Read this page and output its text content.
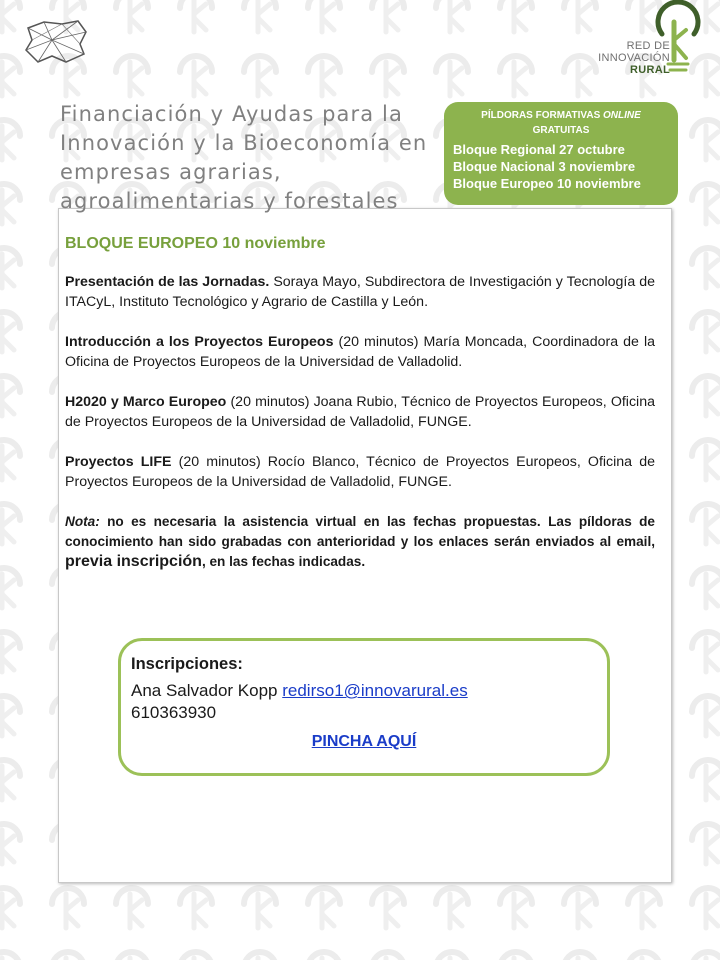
RED DE
INNOVACIÓN
RURAL
Financiación y Ayudas para la
Innovación y la Bioeconomía en
empresas agrarias,
agroalimentarias y forestales
PÍLDORAS FORMATIVAS ONLINE
GRATUITAS
Bloque Regional 27 octubre
Bloque Nacional 3 noviembre
Bloque Europeo 10 noviembre
BLOQUE EUROPEO 10 noviembre
Presentación de las Jornadas. Soraya Mayo, Subdirectora de Investigación y Tecnología de ITACyL, Instituto Tecnológico y Agrario de Castilla y León.
Introducción a los Proyectos Europeos (20 minutos) María Moncada, Coordinadora de la Oficina de Proyectos Europeos de la Universidad de Valladolid.
H2020 y Marco Europeo (20 minutos) Joana Rubio, Técnico de Proyectos Europeos, Oficina de Proyectos Europeos de la Universidad de Valladolid, FUNGE.
Proyectos LIFE (20 minutos) Rocío Blanco, Técnico de Proyectos Europeos, Oficina de Proyectos Europeos de la Universidad de Valladolid, FUNGE.
Nota: no es necesaria la asistencia virtual en las fechas propuestas. Las píldoras de conocimiento han sido grabadas con anterioridad y los enlaces serán enviados al email, previa inscripción, en las fechas indicadas.
Inscripciones:
Ana Salvador Kopp redirso1@innovarural.es
610363930
PINCHA AQUÍ
